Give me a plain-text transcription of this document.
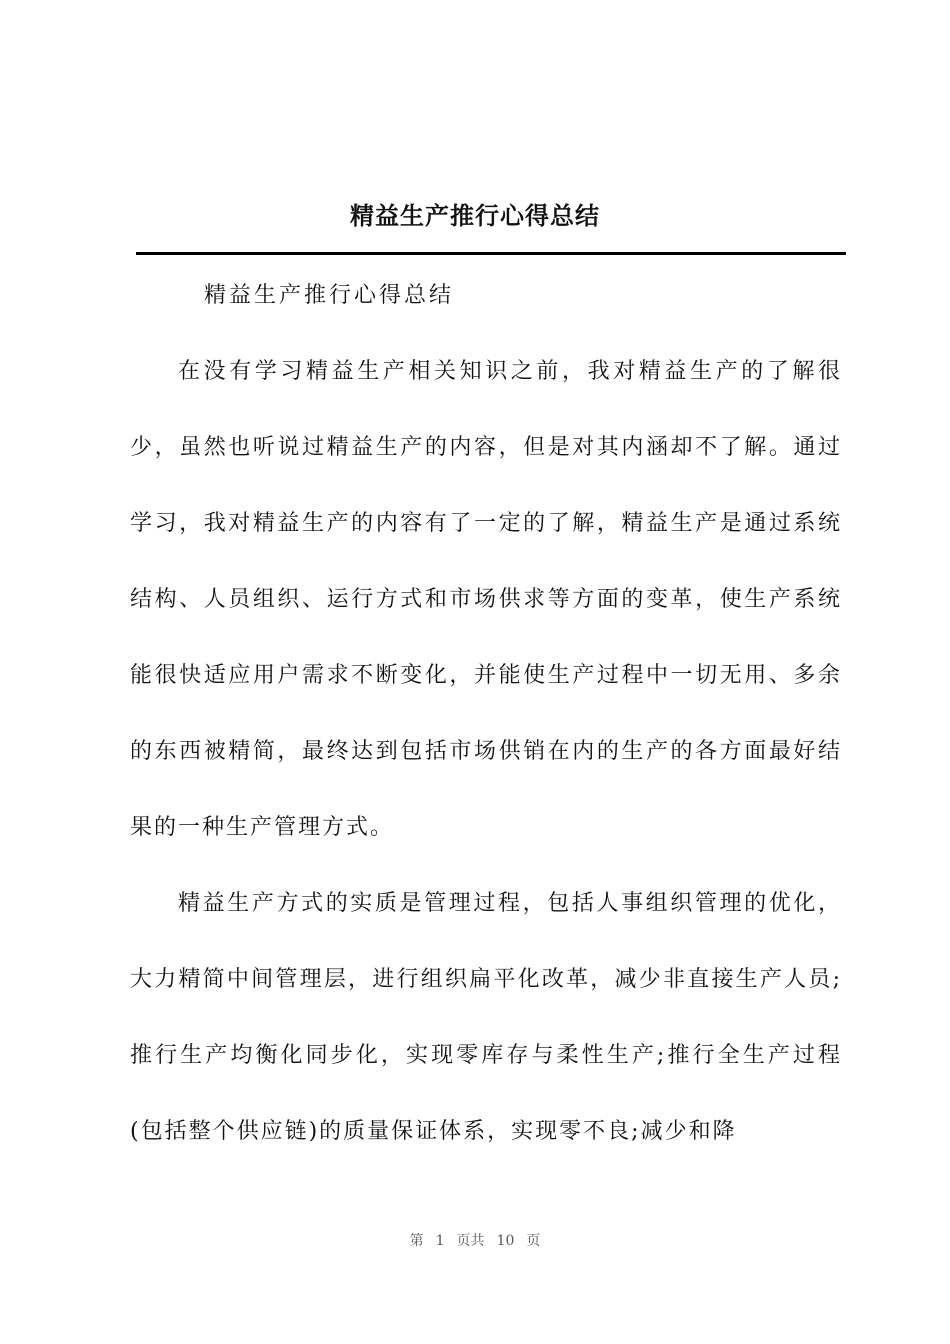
精益生产推行心得总结

精益生产推行心得总结

在没有学习精益生产相关知识之前，我对精益生产的了解很少，虽然也听说过精益生产的内容，但是对其内涵却不了解。通过学习，我对精益生产的内容有了一定的了解，精益生产是通过系统结构、人员组织、运行方式和市场供求等方面的变革，使生产系统能很快适应用户需求不断变化，并能使生产过程中一切无用、多余的东西被精简，最终达到包括市场供销在内的生产的各方面最好结果的一种生产管理方式。

精益生产方式的实质是管理过程，包括人事组织管理的优化，大力精简中间管理层，进行组织扁平化改革，减少非直接生产人员;推行生产均衡化同步化，实现零库存与柔性生产;推行全生产过程(包括整个供应链)的质量保证体系，实现零不良;减少和降

第 1 页共 10 页
